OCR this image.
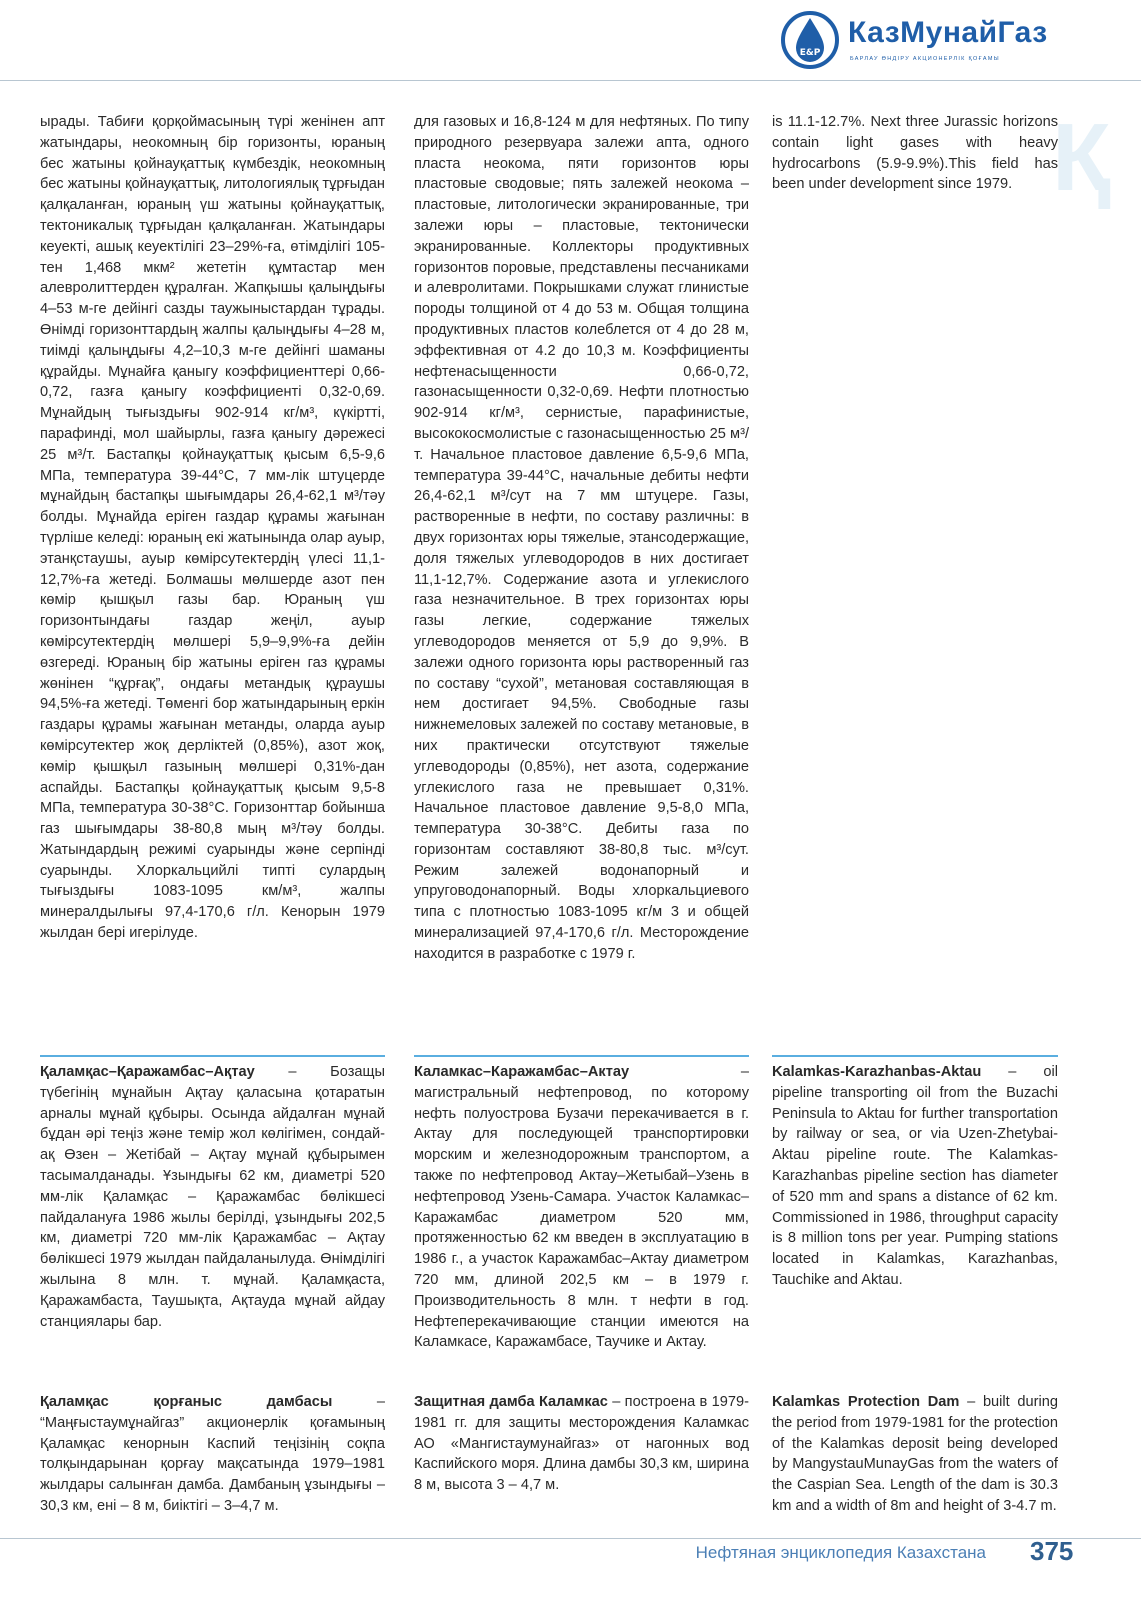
E&P
КазМунайГаз
БАРЛАУ ӨНДІРУ АКЦИОНЕРЛІК ҚОҒАМЫ
Қ

ырады. Табиғи қорқоймасының түрі женінен апт жатындары, неокомның бір горизонты, юраның бес жатыны қойнауқаттық күмбездік, неокомның бес жатыны қойнауқаттық, литологиялық тұрғыдан қалқаланған, юраның үш жатыны қойнауқаттық, тектоникалық тұрғыдан қалқаланған. Жатындары кеуекті, ашық кеуектілігі 23–29%-ға, өтімділігі 105-тен 1,468 мкм² жететін құмтастар мен алевролиттерден құралған. Жапқышы қалыңдығы 4–53 м-ге дейінгі сазды таужыныстардан тұрады. Өнімді горизонттардың жалпы қалыңдығы 4–28 м, тиімді қалыңдығы 4,2–10,3 м-ге дейінгі шаманы құрайды. Мұнайға қаныгу коэффициенттері 0,66-0,72, газға қаныгу коэффициенті 0,32-0,69. Мұнайдың тығыздығы 902-914 кг/м³, күкіртті, парафинді, мол шайырлы, газға қаныгу дәрежесі 25 м³/т. Бастапқы қойнауқаттық қысым 6,5-9,6 МПа, температура 39-44°С, 7 мм-лік штуцерде мұнайдың бастапқы шығымдары 26,4-62,1 м³/тәу болды. Мұнайда еріген газдар құрамы жағынан түрліше келеді: юраның екі жатынында олар ауыр, этанқстаушы, ауыр көмірсутектердің үлесі 11,1-12,7%-ға жетеді. Болмашы мөлшерде азот пен көмір қышқыл газы бар. Юраның үш горизонтындағы газдар жеңіл, ауыр көмірсутектердің мөлшері 5,9–9,9%-ға дейін өзгереді. Юраның бір жатыны еріген газ құрамы жөнінен “құрғақ”, ондағы метандық құраушы 94,5%-ға жетеді. Төменгі бор жатындарының еркін газдары құрамы жағынан метанды, оларда ауыр көмірсутектер жоқ дерліктей (0,85%), азот жоқ, көмір қышқыл газының мөлшері 0,31%-дан аспайды. Бастапқы қойнауқаттық қысым 9,5-8 МПа, температура 30-38°С. Горизонттар бойынша газ шығымдары 38-80,8 мың м³/тәу болды. Жатындардың режимі суарынды және серпінді суарынды. Хлоркальцийлі типті сулардың тығыздығы 1083-1095 км/м³, жалпы минералдылығы 97,4-170,6 г/л. Кенорын 1979 жылдан бері игерілуде.

для газовых и 16,8-124 м для нефтяных. По типу природного резервуара залежи апта, одного пласта неокома, пяти горизонтов юры пластовые сводовые; пять залежей неокома – пластовые, литологически экранированные, три залежи юры – пластовые, тектонически экранированные. Коллекторы продуктивных горизонтов поровые, представлены песчаниками и алевролитами. Покрышками служат глинистые породы толщиной от 4 до 53 м. Общая толщина продуктивных пластов колеблется от 4 до 28 м, эффективная от 4.2 до 10,3 м. Коэффициенты нефтенасыщенности 0,66-0,72, газонасыщенности 0,32-0,69. Нефти плотностью 902-914 кг/м³, сернистые, парафинистые, высококосмолистые с газонасыщенностью 25 м³/т. Начальное пластовое давление 6,5-9,6 МПа, температура 39-44°С, начальные дебиты нефти 26,4-62,1 м³/сут на 7 мм штуцере. Газы, растворенные в нефти, по составу различны: в двух горизонтах юры тяжелые, этансодержащие, доля тяжелых углеводородов в них достигает 11,1-12,7%. Содержание азота и углекислого газа незначительное. В трех горизонтах юры газы легкие, содержание тяжелых углеводородов меняется от 5,9 до 9,9%. В залежи одного горизонта юры растворенный газ по составу “сухой”, метановая составляющая в нем достигает 94,5%. Свободные газы нижнемеловых залежей по составу метановые, в них практически отсутствуют тяжелые углеводороды (0,85%), нет азота, содержание углекислого газа не превышает 0,31%. Начальное пластовое давление 9,5-8,0 МПа, температура 30-38°С. Дебиты газа по горизонтам составляют 38-80,8 тыс. м³/сут. Режим залежей водонапорный и упруговодонапорный. Воды хлоркальциевого типа с плотностью 1083-1095 кг/м 3 и общей минерализацией 97,4-170,6 г/л. Месторождение находится в разработке с 1979 г.

is 11.1-12.7%. Next three Jurassic horizons contain light gases with heavy hydrocarbons (5.9-9.9%).This field has been under development since 1979.

Қаламқас–Қаражамбас–Ақтау – Бозащы түбегінің мұнайын Ақтау қаласына қотаратын арналы мұнай құбыры. Осында айдалған мұнай бұдан әрі теңіз және темір жол көлігімен, сондай-ақ Өзен – Жетібай – Ақтау мұнай құбырымен тасымалданады. Ұзындығы 62 км, диаметрі 520 мм-лік Қаламқас – Қаражамбас бөлікшесі пайдалануға 1986 жылы берілді, ұзындығы 202,5 км, диаметрі 720 мм-лік Қаражамбас – Ақтау бөлікшесі 1979 жылдан пайдаланылуда. Өнімділігі жылына 8 млн. т. мұнай. Қаламқаста, Қаражамбаста, Таушықта, Ақтауда мұнай айдау станциялары бар.

Каламкас–Каражамбас–Актау – магистральный нефтепровод, по которому нефть полуострова Бузачи перекачивается в г. Актау для последующей транспортировки морским и железнодорожным транспортом, а также по нефтепровод Актау–Жетыбай–Узень в нефтепровод Узень-Самара. Участок Каламкас–Каражамбас диаметром 520 мм, протяженностью 62 км введен в эксплуатацию в 1986 г., а участок Каражамбас–Актау диаметром 720 мм, длиной 202,5 км – в 1979 г. Производительность 8 млн. т нефти в год. Нефтеперекачивающие станции имеются на Каламкасе, Каражамбасе, Таучике и Актау.

Kalamkas-Karazhanbas-Aktau – oil pipeline transporting oil from the Buzachi Peninsula to Aktau for further transportation by railway or sea, or via Uzen-Zhetybai-Aktau pipeline route. The Kalamkas-Karazhanbas pipeline section has diameter of 520 mm and spans a distance of 62 km. Commissioned in 1986, throughput capacity is 8 million tons per year. Pumping stations located in Kalamkas, Karazhanbas, Tauchike and Aktau.

Қаламқас қорғаныс дамбасы – “Маңғыстаумұнайгаз” акционерлік қоғамының Қаламқас кенорнын Каспий теңізінің соқпа толқындарынан қорғау мақсатында 1979–1981 жылдары салынған дамба. Дамбаның ұзындығы – 30,3 км, ені – 8 м, биіктігі – 3–4,7 м.

Защитная дамба Каламкас – построена в 1979-1981 гг. для защиты месторождения Каламкас АО «Мангистаумунайгаз» от нагонных вод Каспийского моря. Длина дамбы 30,3 км, ширина 8 м, высота 3 – 4,7 м.

Kalamkas Protection Dam – built during the period from 1979-1981 for the protection of the Kalamkas deposit being developed by MangystauMunayGas from the waters of the Caspian Sea. Length of the dam is 30.3 km and a width of 8m and height of 3-4.7 m.

Нефтяная энциклопедия Казахстана 375
